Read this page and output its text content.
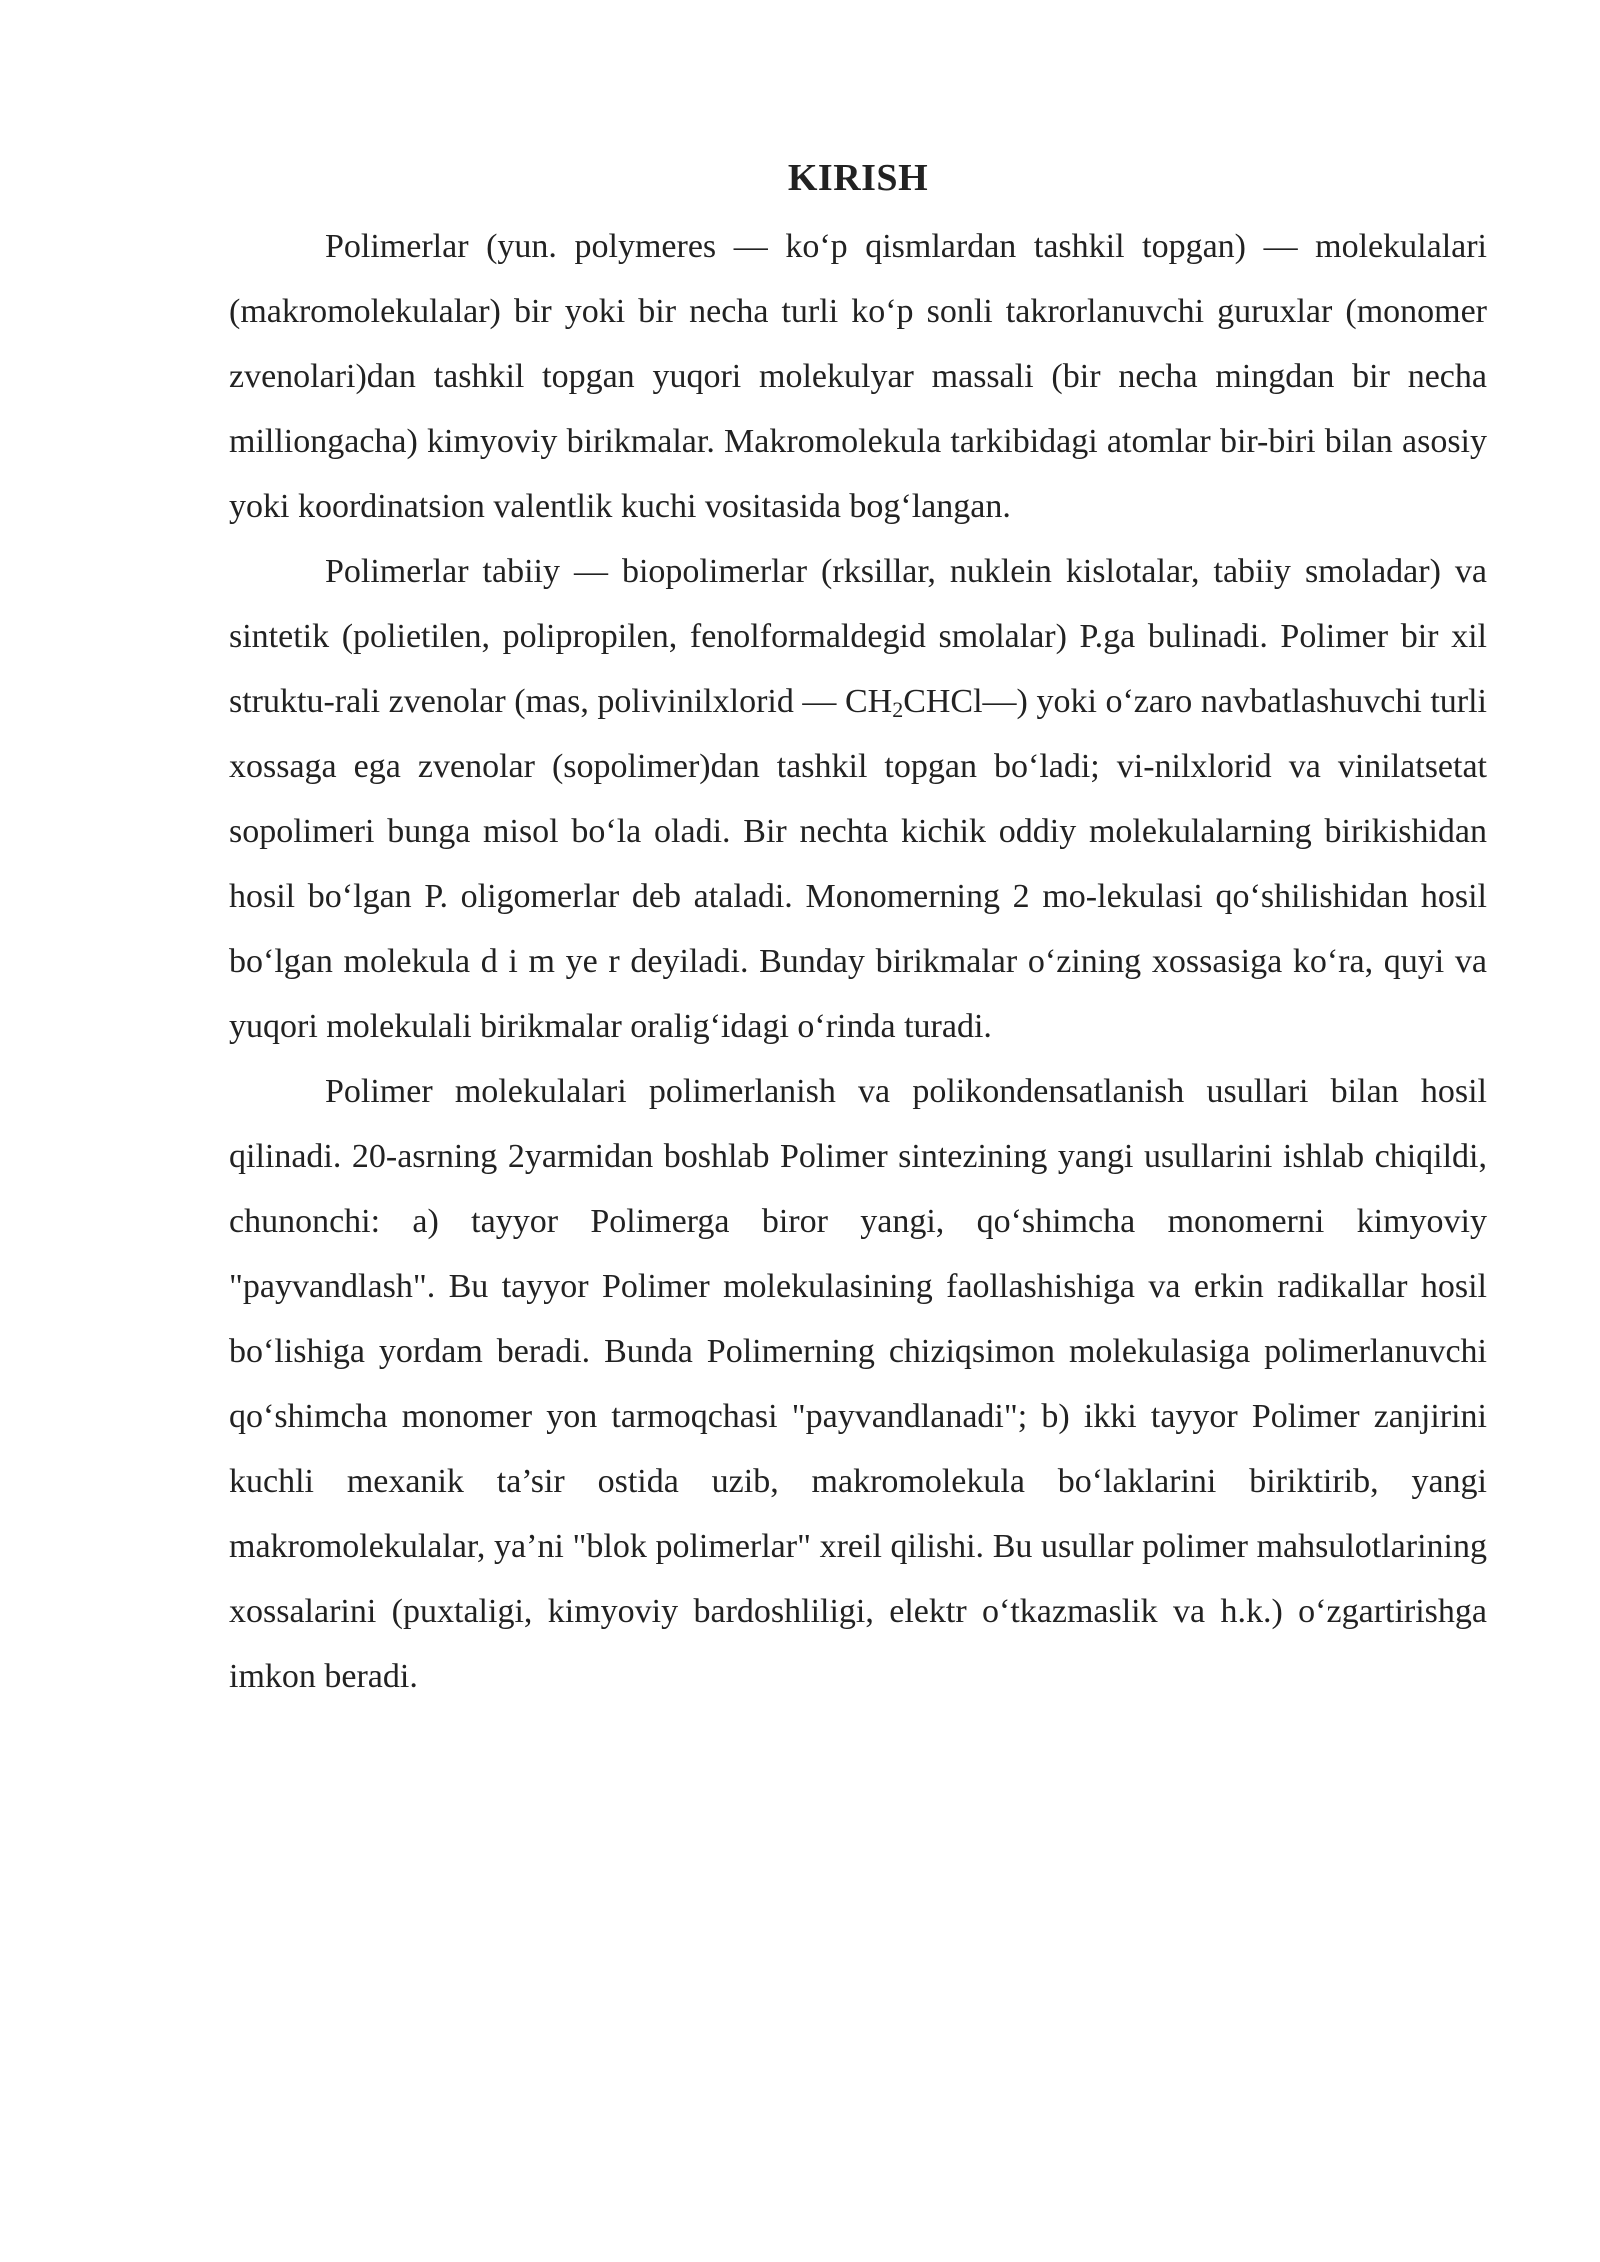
KIRISH

Polimerlar (yun. polymeres — ko‘p qismlardan tashkil topgan) — molekulalari (makromolekulalar) bir yoki bir necha turli ko‘p sonli takrorlanuvchi guruxlar (monomer zvenolari)dan tashkil topgan yuqori molekulyar massali (bir necha mingdan bir necha milliongacha) kimyoviy birikmalar. Makromolekula tarkibidagi atomlar bir-biri bilan asosiy yoki koordinatsion valentlik kuchi vositasida bog‘langan.

Polimerlar tabiiy — biopolimerlar (rksillar, nuklein kislotalar, tabiiy smoladar) va sintetik (polietilen, polipropilen, fenolformaldegid smolalar) P.ga bulinadi. Polimer bir xil struktu-rali zvenolar (mas, polivinilxlorid — $CH_2CHCl—$) yoki o‘zaro navbatlashuvchi turli xossaga ega zvenolar (sopolimer)dan tashkil topgan bo‘ladi; vi-nilxlorid va vinilatsetat sopolimeri bunga misol bo‘la oladi. Bir nechta kichik oddiy molekulalarning birikishidan hosil bo‘lgan P. oligomerlar deb ataladi. Monomerning 2 mo-lekulasi qo‘shilishidan hosil bo‘lgan molekula d i m ye r deyiladi. Bunday birikmalar o‘zining xossasiga ko‘ra, quyi va yuqori molekulali birikmalar oralig‘idagi o‘rinda turadi.

Polimer molekulalari polimerlanish va polikondensatlanish usullari bilan hosil qilinadi. 20-asrning 2yarmidan boshlab Polimer sintezining yangi usullarini ishlab chiqildi, chunonchi: a) tayyor Polimerga biror yangi, qo‘shimcha monomerni kimyoviy "payvandlash". Bu tayyor Polimer molekulasining faollashishiga va erkin radikallar hosil bo‘lishiga yordam beradi. Bunda Polimerning chiziqsimon molekulasiga polimerlanuvchi qo‘shimcha monomer yon tarmoqchasi "payvandlanadi"; b) ikki tayyor Polimer zanjirini kuchli mexanik ta’sir ostida uzib, makromolekula bo‘laklarini biriktirib, yangi makromolekulalar, ya’ni "blok polimerlar" xreil qilishi. Bu usullar polimer mahsulotlarining xossalarini (puxtaligi, kimyoviy bardoshliligi, elektr o‘tkazmaslik va h.k.) o‘zgartirishga imkon beradi.
